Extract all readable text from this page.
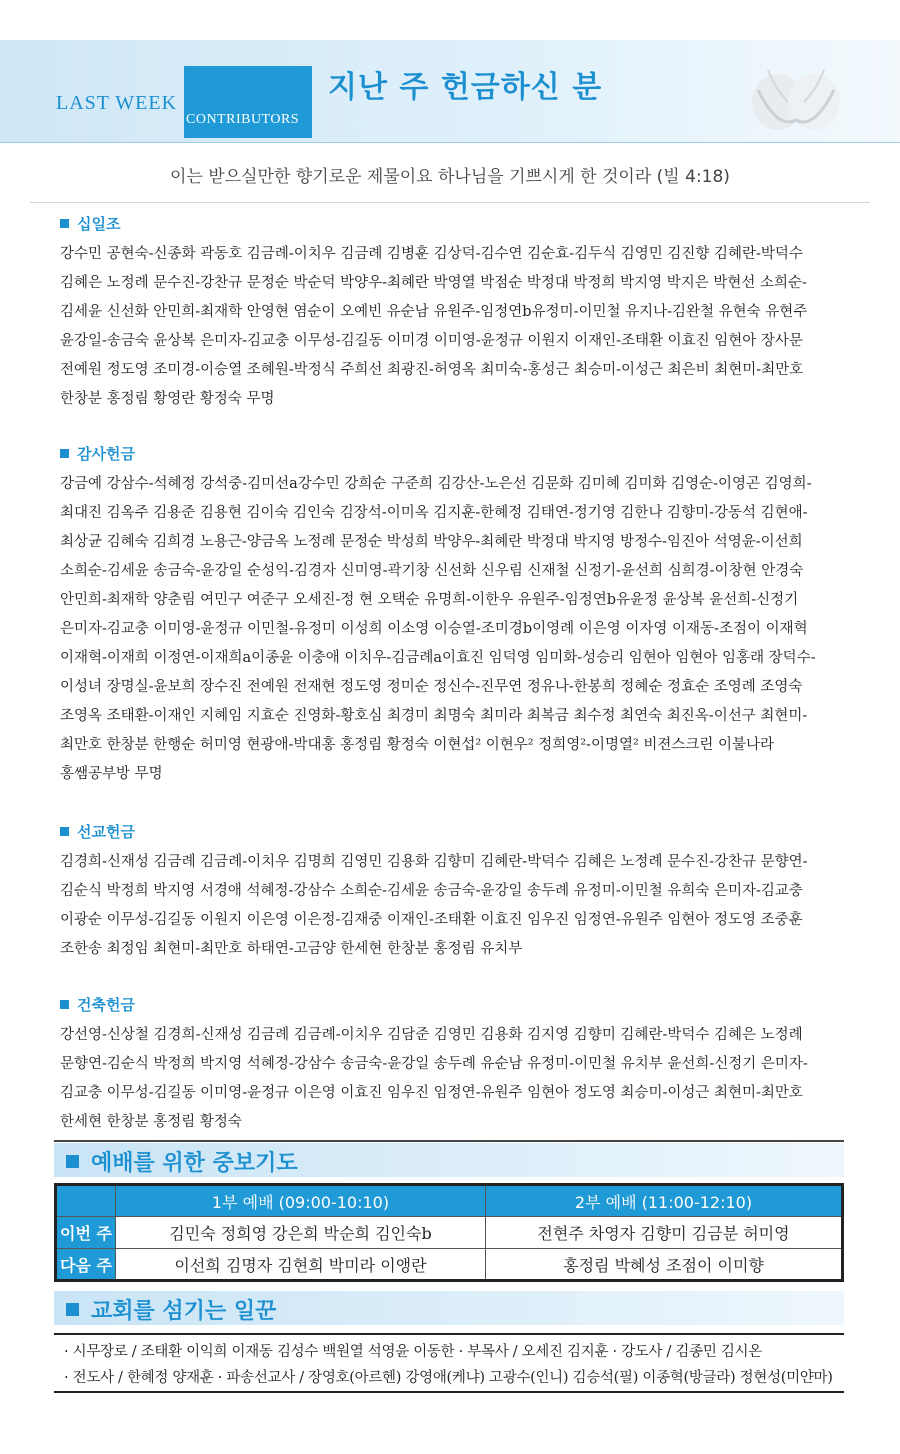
LAST WEEK
CONTRIBUTORS
지난 주 헌금하신 분
이는 받으실만한 향기로운 제물이요 하나님을 기쁘시게 한 것이라 (빌 4:18)
십일조
강수민 공현숙-신종화 곽동호 김금례-이치우 김금례 김병훈 김상덕-김수연 김순효-김두식 김영민 김진향 김혜란-박덕수
김혜은 노정례 문수진-강찬규 문정순 박순덕 박양우-최혜란 박영열 박점순 박정대 박정희 박지영 박지은 박현선 소희순-
김세윤 신선화 안민희-최재학 안영현 염순이 오예빈 유순남 유원주-임정연b유정미-이민철 유지나-김완철 유현숙 유현주
윤강일-송금숙 윤상복 은미자-김교충 이무성-김길동 이미경 이미영-윤정규 이원지 이재인-조태환 이효진 임현아 장사문
전예원 정도영 조미경-이승열 조혜원-박정식 주희선 최광진-허영옥 최미숙-홍성근 최승미-이성근 최은비 최현미-최만호
한창분 홍정림 황영란 황정숙 무명
감사헌금
강금예 강삼수-석혜정 강석중-김미선a강수민 강희순 구준희 김강산-노은선 김문화 김미혜 김미화 김영순-이영곤 김영희-
최대진 김옥주 김용준 김용현 김이숙 김인숙 김장석-이미옥 김지훈-한혜정 김태연-정기영 김한나 김향미-강동석 김현애-
최상균 김혜숙 김희경 노용근-양금옥 노정례 문정순 박성희 박양우-최혜란 박정대 박지영 방정수-임진아 석영윤-이선희
소희순-김세윤 송금숙-윤강일 순성익-김경자 신미영-곽기창 신선화 신우림 신재철 신정기-윤선희 심희경-이창현 안경숙
안민희-최재학 양춘림 여민구 여준구 오세진-정 현 오택순 유명희-이한우 유원주-임정연b유윤정 윤상복 윤선희-신정기
은미자-김교충 이미영-윤정규 이민철-유정미 이성희 이소영 이승열-조미경b이영례 이은영 이자영 이재동-조점이 이재혁
이재혁-이재희 이정연-이재희a이종윤 이충애 이치우-김금례a이효진 임덕영 임미화-성승리 임현아 임현아 임홍래 장덕수-
이성녀 장명실-윤보희 장수진 전예원 전재현 정도영 정미순 정신수-진무연 정유나-한봉희 정혜순 정효순 조영례 조영숙
조영옥 조태환-이재인 지혜임 지효순 진영화-황호심 최경미 최명숙 최미라 최복금 최수정 최연숙 최진옥-이선구 최현미-
최만호 한창분 한행순 허미영 현광애-박대홍 홍정림 황정숙 이현섭² 이현우² 정희영²-이명열² 비젼스크린 이불나라
홍쌤공부방 무명
선교헌금
김경희-신재성 김금례 김금례-이치우 김명희 김영민 김용화 김향미 김혜란-박덕수 김혜은 노정례 문수진-강찬규 문향연-
김순식 박정희 박지영 서경애 석혜정-강삼수 소희순-김세윤 송금숙-윤강일 송두례 유정미-이민철 유희숙 은미자-김교충
이광순 이무성-김길동 이원지 이은영 이은정-김재중 이재인-조태환 이효진 임우진 임정연-유원주 임현아 정도영 조중훈
조한송 최정임 최현미-최만호 하태연-고금양 한세현 한창분 홍정림 유치부
건축헌금
강선영-신상철 김경희-신재성 김금례 김금례-이치우 김담준 김영민 김용화 김지영 김향미 김혜란-박덕수 김혜은 노정례
문향연-김순식 박정희 박지영 석혜정-강삼수 송금숙-윤강일 송두례 유순남 유정미-이민철 유치부 윤선희-신정기 은미자-
김교충 이무성-김길동 이미영-윤정규 이은영 이효진 임우진 임정연-유원주 임현아 정도영 최승미-이성근 최현미-최만호
한세현 한창분 홍정림 황정숙
예배를 위한 중보기도
	1부 예배 (09:00-10:10)	2부 예배 (11:00-12:10)
이번 주	김민숙 정희영 강은희 박순희 김인숙b	전현주 차영자 김향미 김금분 허미영
다음 주	이선희 김명자 김현희 박미라 이앵란	홍정림 박혜성 조점이 이미향
교회를 섬기는 일꾼
· 시무장로 / 조태환 이익희 이재동 김성수 백원열 석영윤 이동한 · 부목사 / 오세진 김지훈 · 강도사 / 김종민 김시온
· 전도사 / 한혜정 양재훈 · 파송선교사 / 장영호(아르헨) 강영애(케냐) 고광수(인니) 김승석(필) 이종혁(방글라) 정현성(미얀마)
